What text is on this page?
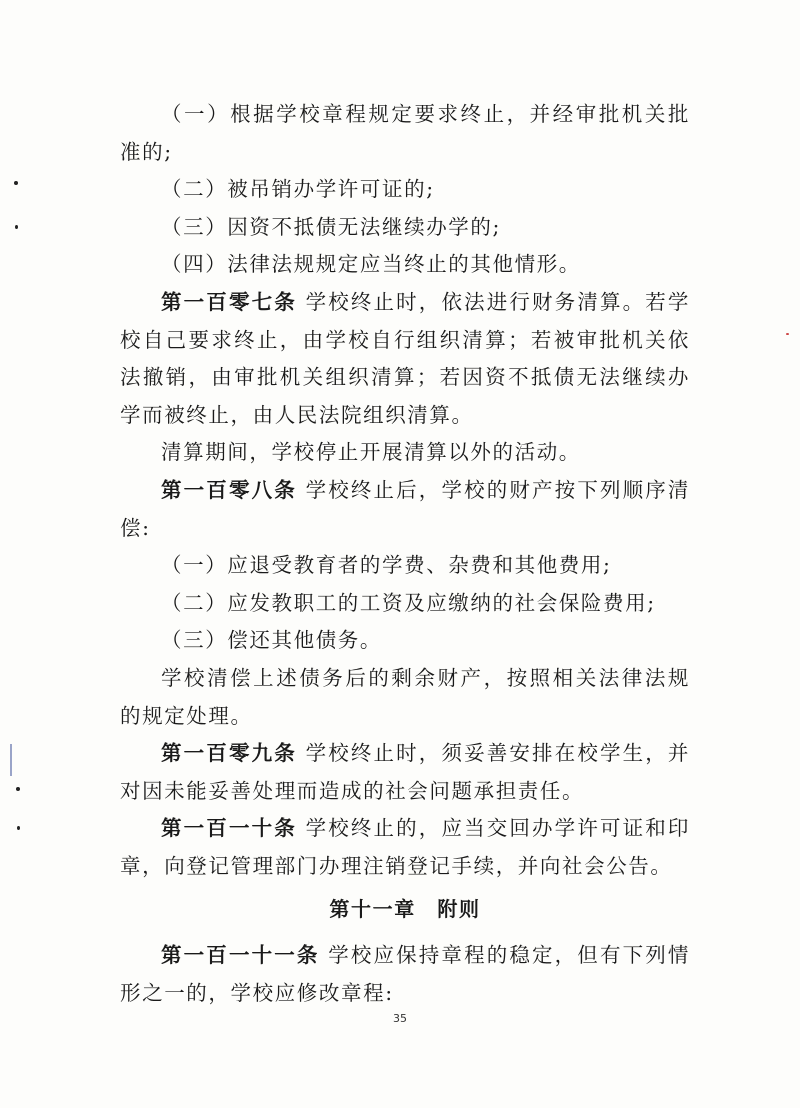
（一）根据学校章程规定要求终止，并经审批机关批准的;

（二）被吊销办学许可证的;

（三）因资不抵债无法继续办学的;

（四）法律法规规定应当终止的其他情形。

第一百零七条 学校终止时，依法进行财务清算。若学校自己要求终止，由学校自行组织清算；若被审批机关依法撤销，由审批机关组织清算；若因资不抵债无法继续办学而被终止，由人民法院组织清算。

清算期间，学校停止开展清算以外的活动。

第一百零八条 学校终止后，学校的财产按下列顺序清偿:

（一）应退受教育者的学费、杂费和其他费用;

（二）应发教职工的工资及应缴纳的社会保险费用;

（三）偿还其他债务。

学校清偿上述债务后的剩余财产，按照相关法律法规的规定处理。

第一百零九条 学校终止时，须妥善安排在校学生，并对因未能妥善处理而造成的社会问题承担责任。

第一百一十条 学校终止的，应当交回办学许可证和印章，向登记管理部门办理注销登记手续，并向社会公告。

第十一章　附则

第一百一十一条 学校应保持章程的稳定，但有下列情形之一的，学校应修改章程:

35
